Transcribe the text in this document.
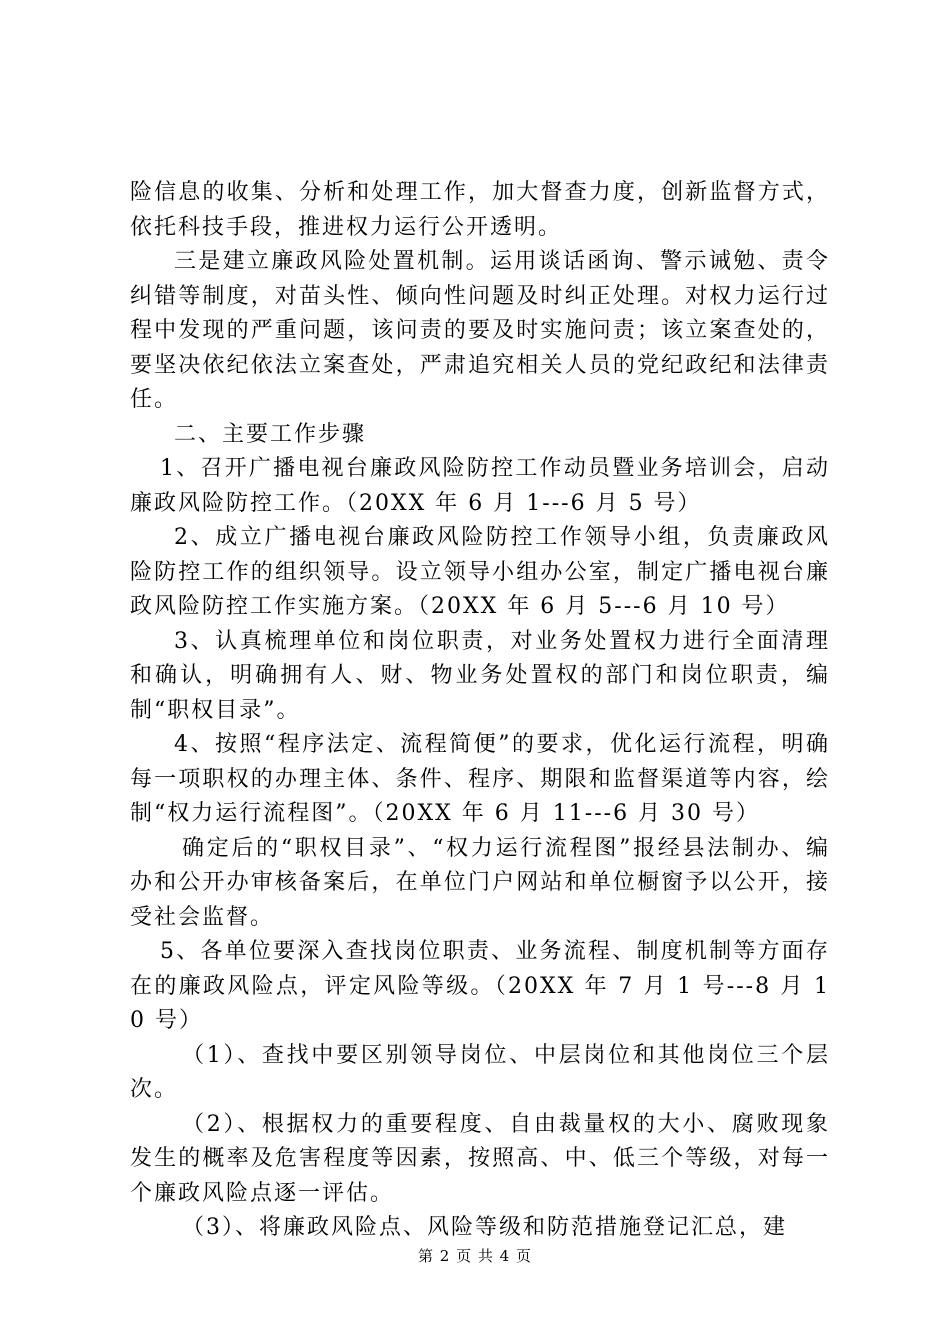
险信息的收集、分析和处理工作，加大督查力度，创新监督方式，依托科技手段，推进权力运行公开透明。

三是建立廉政风险处置机制。运用谈话函询、警示诫勉、责令纠错等制度，对苗头性、倾向性问题及时纠正处理。对权力运行过程中发现的严重问题，该问责的要及时实施问责；该立案查处的，要坚决依纪依法立案查处，严肃追究相关人员的党纪政纪和法律责任。

二、主要工作步骤

1、召开广播电视台廉政风险防控工作动员暨业务培训会，启动廉政风险防控工作。（20XX 年 6 月 1---6 月 5 号）

2、成立广播电视台廉政风险防控工作领导小组，负责廉政风险防控工作的组织领导。设立领导小组办公室，制定广播电视台廉政风险防控工作实施方案。（20XX 年 6 月 5---6 月 10 号）

3、认真梳理单位和岗位职责，对业务处置权力进行全面清理和确认，明确拥有人、财、物业务处置权的部门和岗位职责，编制“职权目录”。

4、按照“程序法定、流程简便”的要求，优化运行流程，明确每一项职权的办理主体、条件、程序、期限和监督渠道等内容，绘制“权力运行流程图”。（20XX 年 6 月 11---6 月 30 号）

确定后的“职权目录”、“权力运行流程图”报经县法制办、编办和公开办审核备案后，在单位门户网站和单位橱窗予以公开，接受社会监督。

5、各单位要深入查找岗位职责、业务流程、制度机制等方面存在的廉政风险点，评定风险等级。（20XX 年 7 月 1 号---8 月 10 号）

（1）、查找中要区别领导岗位、中层岗位和其他岗位三个层次。

（2）、根据权力的重要程度、自由裁量权的大小、腐败现象发生的概率及危害程度等因素，按照高、中、低三个等级，对每一个廉政风险点逐一评估。

（3）、将廉政风险点、风险等级和防范措施登记汇总，建

第 2 页 共 4 页
